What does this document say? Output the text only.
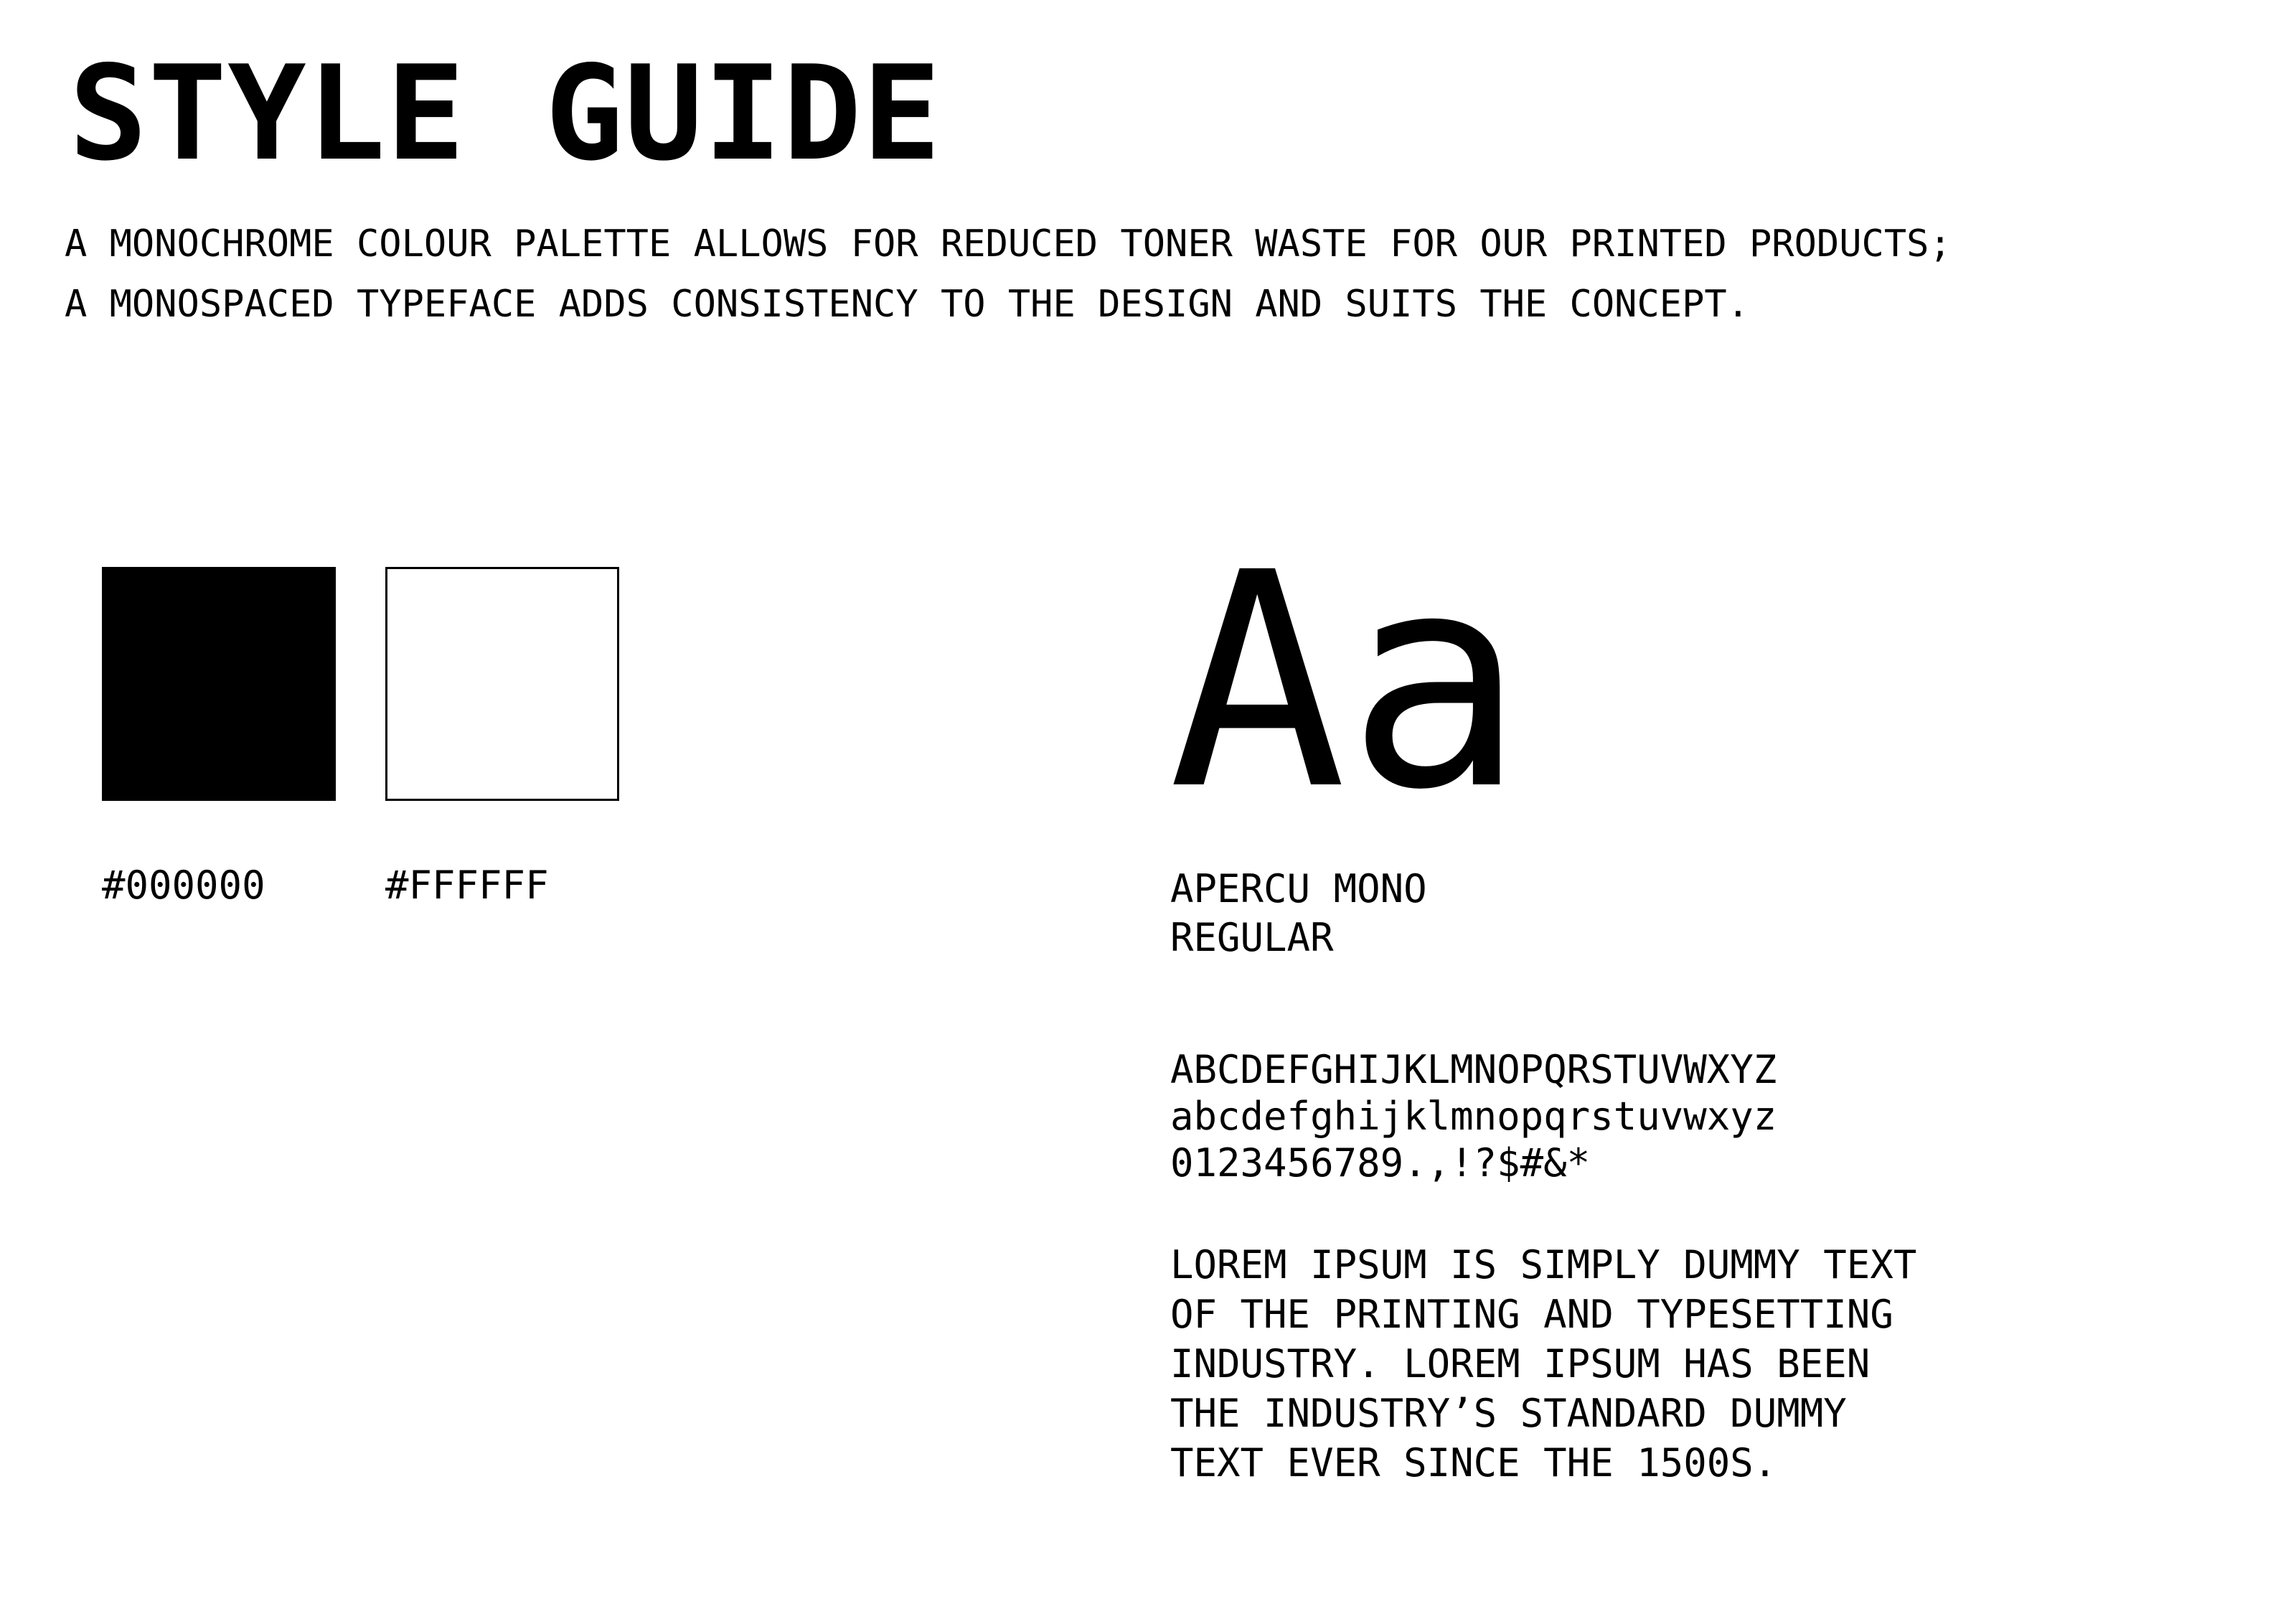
STYLE GUIDE
A MONOCHROME COLOUR PALETTE ALLOWS FOR REDUCED TONER WASTE FOR OUR PRINTED PRODUCTS;
A MONOSPACED TYPEFACE ADDS CONSISTENCY TO THE DESIGN AND SUITS THE CONCEPT.
#000000	#FFFFFF
Aa
APERCU MONO
REGULAR
ABCDEFGHIJKLMNOPQRSTUVWXYZ
abcdefghijklmnopqrstuvwxyz
0123456789.,!?$#&*
LOREM IPSUM IS SIMPLY DUMMY TEXT
OF THE PRINTING AND TYPESETTING
INDUSTRY. LOREM IPSUM HAS BEEN
THE INDUSTRY’S STANDARD DUMMY
TEXT EVER SINCE THE 1500S.
